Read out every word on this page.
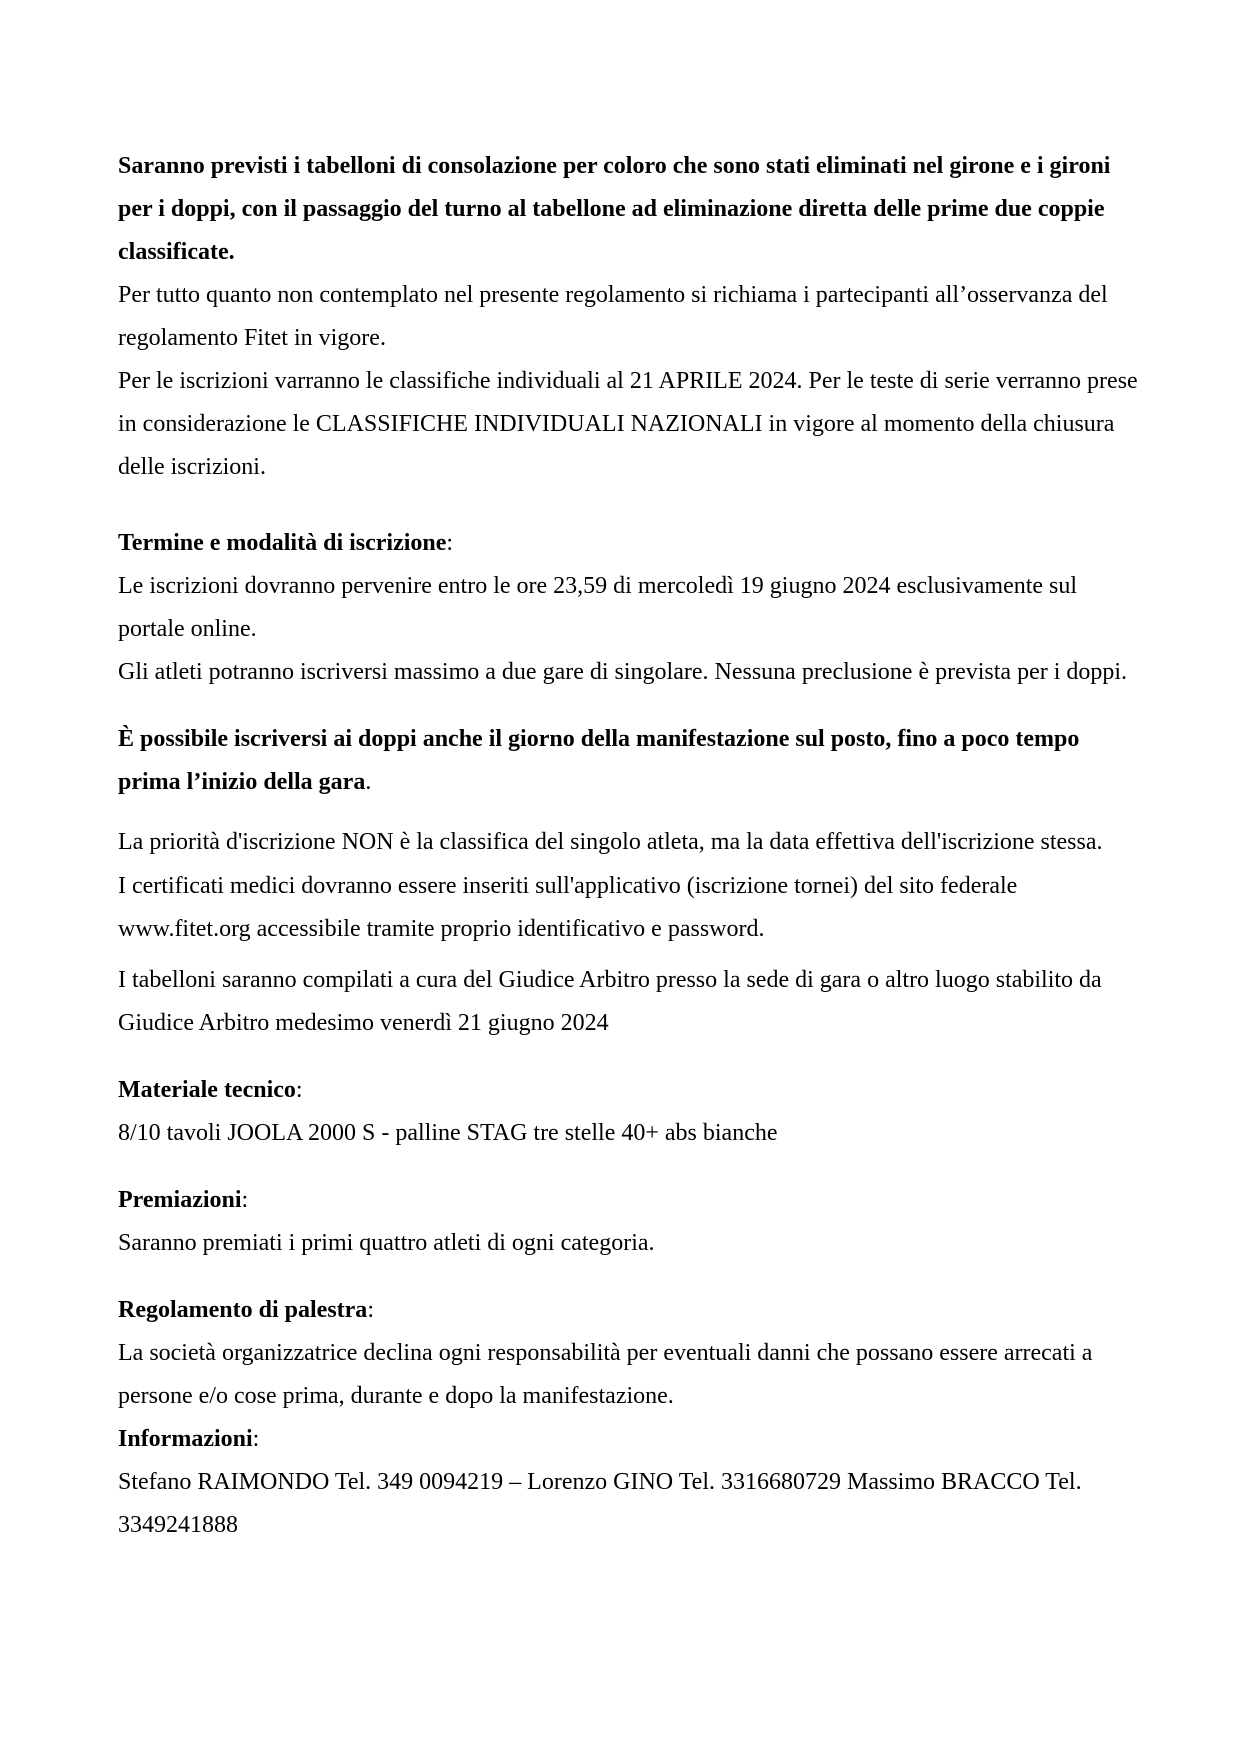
Saranno previsti i tabelloni di consolazione per coloro che sono stati eliminati nel girone e i gironi per i doppi, con il passaggio del turno al tabellone ad eliminazione diretta delle prime due coppie classificate.

Per tutto quanto non contemplato nel presente regolamento si richiama i partecipanti all’osservanza del regolamento Fitet in vigore.

Per le iscrizioni varranno le classifiche individuali al 21 APRILE 2024. Per le teste di serie verranno prese in considerazione le CLASSIFICHE INDIVIDUALI NAZIONALI in vigore al momento della chiusura delle iscrizioni.

Termine e modalità di iscrizione:

Le iscrizioni dovranno pervenire entro le ore 23,59 di mercoledì 19 giugno 2024 esclusivamente sul portale online.

Gli atleti potranno iscriversi massimo a due gare di singolare. Nessuna preclusione è prevista per i doppi.

È possibile iscriversi ai doppi anche il giorno della manifestazione sul posto, fino a poco tempo prima l’inizio della gara.

La priorità d'iscrizione NON è la classifica del singolo atleta, ma la data effettiva dell'iscrizione stessa.

I certificati medici dovranno essere inseriti sull'applicativo (iscrizione tornei) del sito federale www.fitet.org accessibile tramite proprio identificativo e password.

I tabelloni saranno compilati a cura del Giudice Arbitro presso la sede di gara o altro luogo stabilito da Giudice Arbitro medesimo venerdì 21 giugno 2024

Materiale tecnico:

8/10 tavoli JOOLA 2000 S - palline STAG tre stelle 40+ abs bianche

Premiazioni:

Saranno premiati i primi quattro atleti di ogni categoria.

Regolamento di palestra:

La società organizzatrice declina ogni responsabilità per eventuali danni che possano essere arrecati a persone e/o cose prima, durante e dopo la manifestazione.

Informazioni:

Stefano RAIMONDO Tel. 349 0094219 – Lorenzo GINO Tel. 3316680729 Massimo BRACCO Tel. 3349241888
